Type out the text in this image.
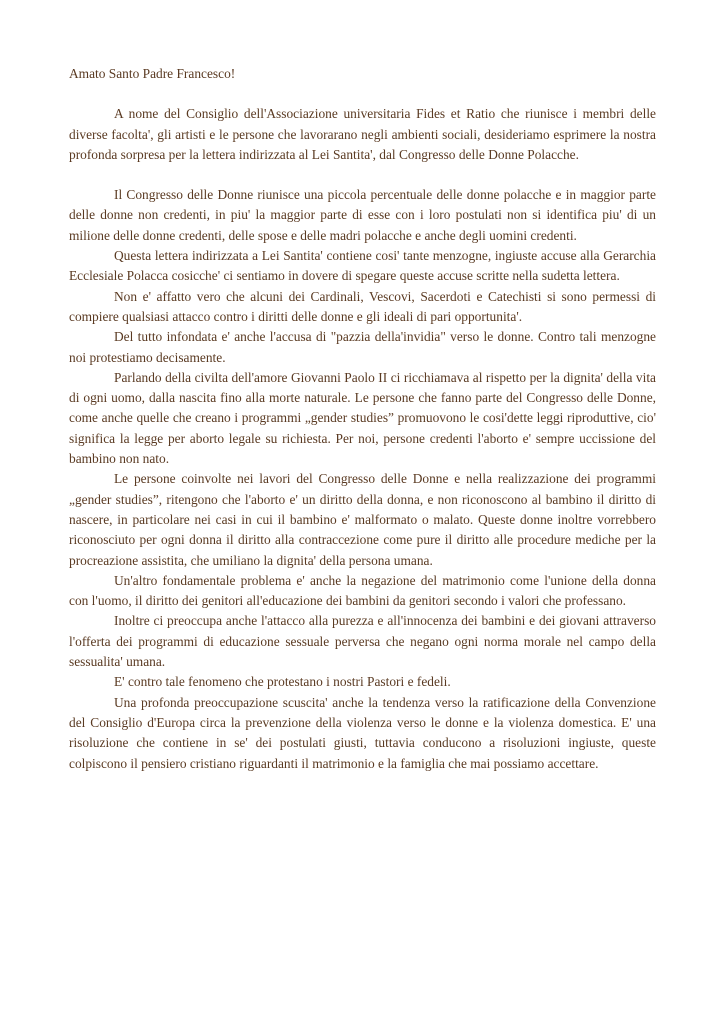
Amato Santo Padre Francesco!

A nome del Consiglio dell'Associazione universitaria Fides et Ratio che riunisce i membri delle diverse facolta', gli artisti e le persone che lavorarano negli ambienti sociali, desideriamo esprimere la nostra profonda sorpresa per la lettera indirizzata al Lei Santita', dal Congresso delle Donne Polacche.

Il Congresso delle Donne riunisce una piccola percentuale delle donne polacche e in maggior parte delle donne non credenti, in piu' la maggior parte di esse con i loro postulati non si identifica piu' di un milione delle donne credenti, delle spose e delle madri polacche e anche degli uomini credenti.

Questa lettera indirizzata a Lei Santita' contiene cosi' tante menzogne, ingiuste accuse alla Gerarchia Ecclesiale Polacca cosicche' ci sentiamo in dovere di spegare queste accuse scritte nella sudetta lettera.

Non e' affatto vero che alcuni dei Cardinali, Vescovi, Sacerdoti e Catechisti si sono permessi di compiere qualsiasi attacco contro i diritti delle donne e gli ideali di pari opportunita'.

Del tutto infondata e' anche l'accusa di "pazzia della'invidia" verso le donne. Contro tali menzogne noi protestiamo decisamente.

Parlando della civilta dell'amore Giovanni Paolo II ci ricchiamava al rispetto per la dignita' della vita di ogni uomo, dalla nascita fino alla morte naturale. Le persone che fanno parte del Congresso delle Donne, come anche quelle che creano i programmi „gender studies” promuovono le cosi'dette leggi riproduttive, cio' significa la legge per aborto legale su richiesta. Per noi, persone credenti l'aborto e' sempre uccissione del bambino non nato.

Le persone coinvolte nei lavori del Congresso delle Donne e nella realizzazione dei programmi „gender studies”, ritengono che l'aborto e' un diritto della donna, e non riconoscono al bambino il diritto di nascere, in particolare nei casi in cui il bambino e' malformato o malato. Queste donne inoltre vorrebbero riconosciuto per ogni donna il diritto alla contraccezione come pure il diritto alle procedure mediche per la procreazione assistita, che umiliano la dignita' della persona umana.

Un'altro fondamentale problema e' anche la negazione del matrimonio come l'unione della donna con l'uomo, il diritto dei genitori all'educazione dei bambini da genitori secondo i valori che professano.

Inoltre ci preoccupa anche l'attacco alla purezza e all'innocenza dei bambini e dei giovani attraverso l'offerta dei programmi di educazione sessuale perversa che negano ogni norma morale nel campo della sessualita' umana.

E' contro tale fenomeno che protestano i nostri Pastori e fedeli.

Una profonda preoccupazione scuscita' anche la tendenza verso la ratificazione della Convenzione del Consiglio d'Europa circa la prevenzione della violenza verso le donne e la violenza domestica. E' una risoluzione che contiene in se' dei postulati giusti, tuttavia conducono a risoluzioni ingiuste, queste colpiscono il pensiero cristiano riguardanti il matrimonio e la famiglia che mai possiamo accettare.
